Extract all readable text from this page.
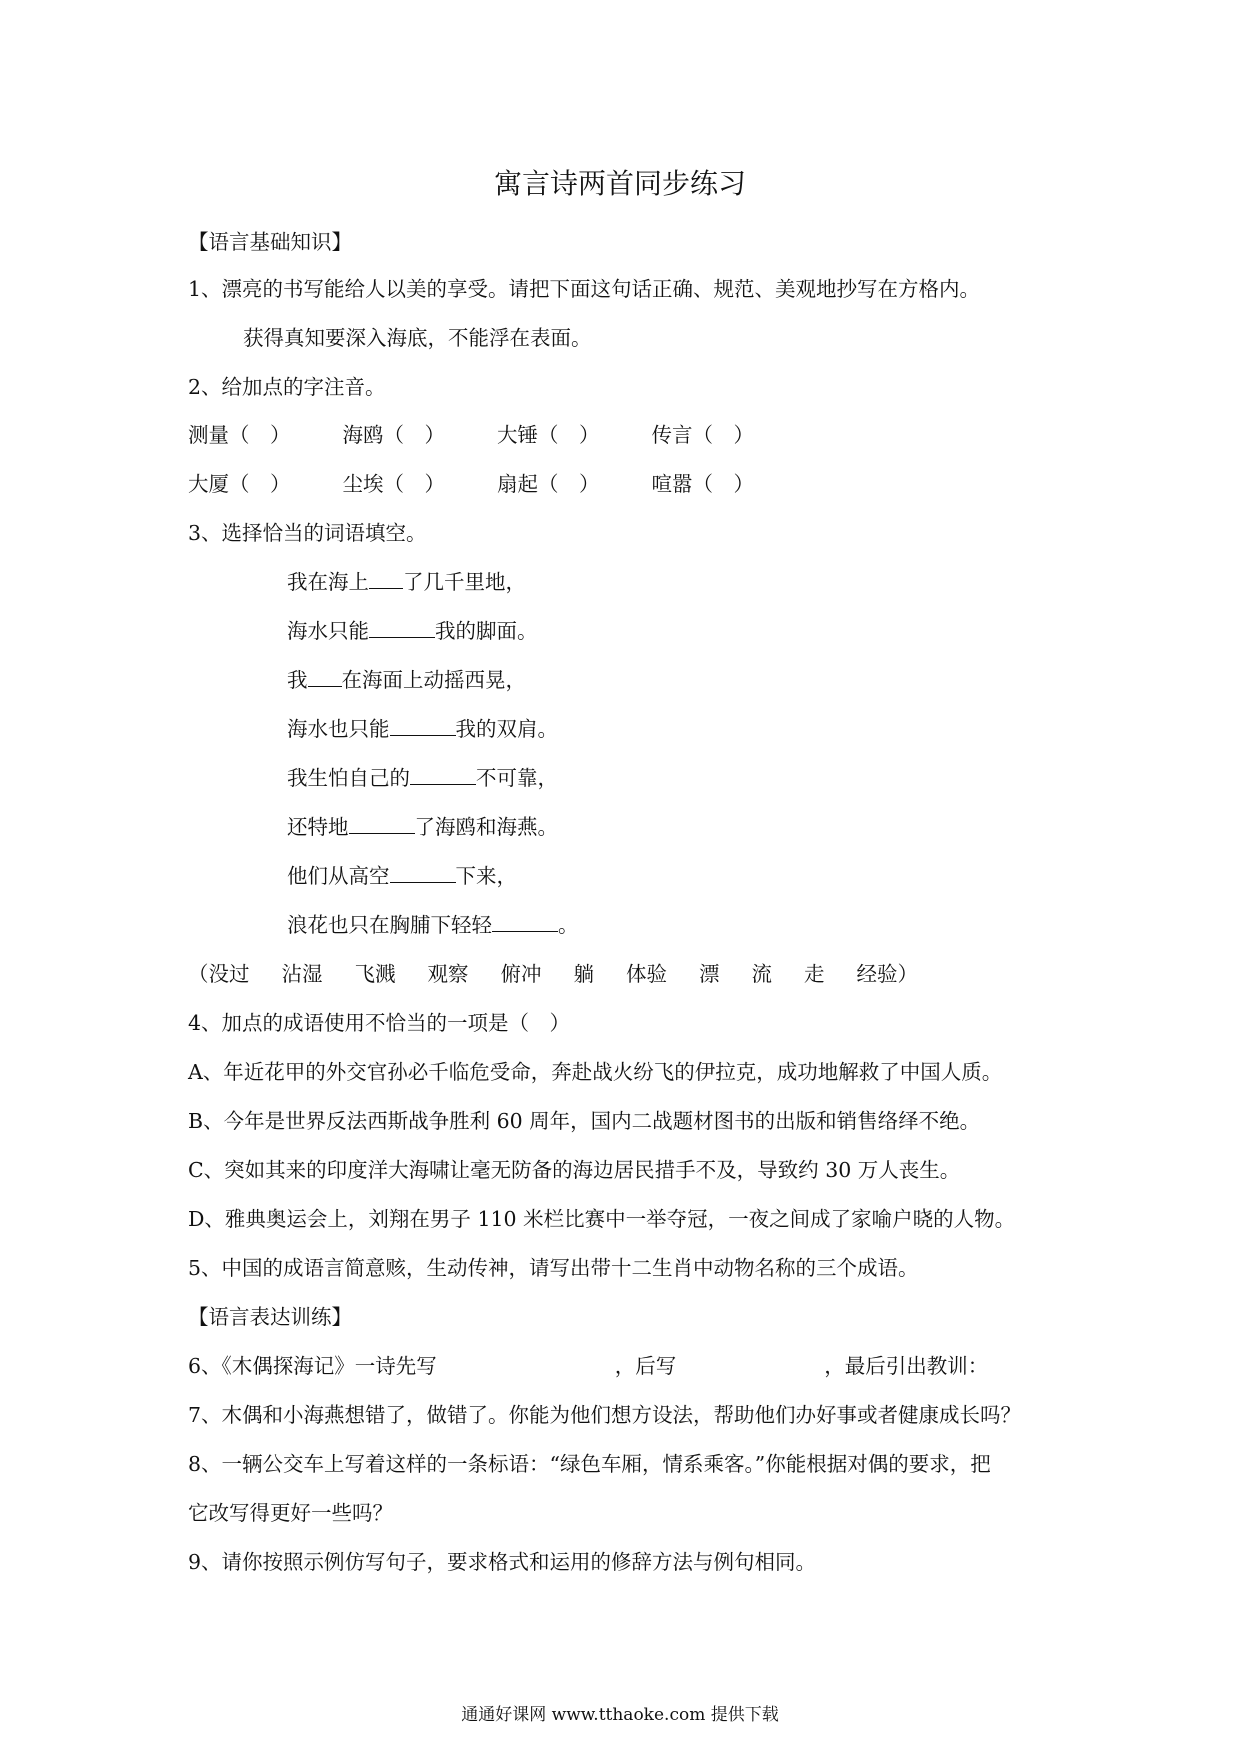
寓言诗两首同步练习
【语言基础知识】
1、漂亮的书写能给人以美的享受。请把下面这句话正确、规范、美观地抄写在方格内。
获得真知要深入海底，不能浮在表面。
2、给加点的字注音。
测量（　）	海鸥（　）	大锤（　）	传言（　）
大厦（　）	尘埃（　）	扇起（　）	喧嚣（　）
3、选择恰当的词语填空。
我在海上 了几千里地，
海水只能	我的脚面。
我 在海面上动摇西晃，
海水也只能	我的双肩。
我生怕自己的	不可靠，
还特地	了海鸥和海燕。
他们从高空	下来，
浪花也只在胸脯下轻轻	。
（没过 沾湿 飞溅 观察 俯冲 躺 体验 漂 流 走 经验）
4、加点的成语使用不恰当的一项是（　）
A、年近花甲的外交官孙必千临危受命，奔赴战火纷飞的伊拉克，成功地解救了中国人质。
B、今年是世界反法西斯战争胜利 60 周年，国内二战题材图书的出版和销售络绎不绝。
C、突如其来的印度洋大海啸让毫无防备的海边居民措手不及，导致约 30 万人丧生。
D、雅典奥运会上，刘翔在男子 110 米栏比赛中一举夺冠，一夜之间成了家喻户晓的人物。
5、中国的成语言简意赅，生动传神，请写出带十二生肖中动物名称的三个成语。
【语言表达训练】
6、《木偶探海记》一诗先写	，后写	，最后引出教训：
7、木偶和小海燕想错了，做错了。你能为他们想方设法，帮助他们办好事或者健康成长吗？
8、一辆公交车上写着这样的一条标语：“绿色车厢，情系乘客。”你能根据对偶的要求，把
它改写得更好一些吗？
9、请你按照示例仿写句子，要求格式和运用的修辞方法与例句相同。
通通好课网 www.tthaoke.com 提供下载
